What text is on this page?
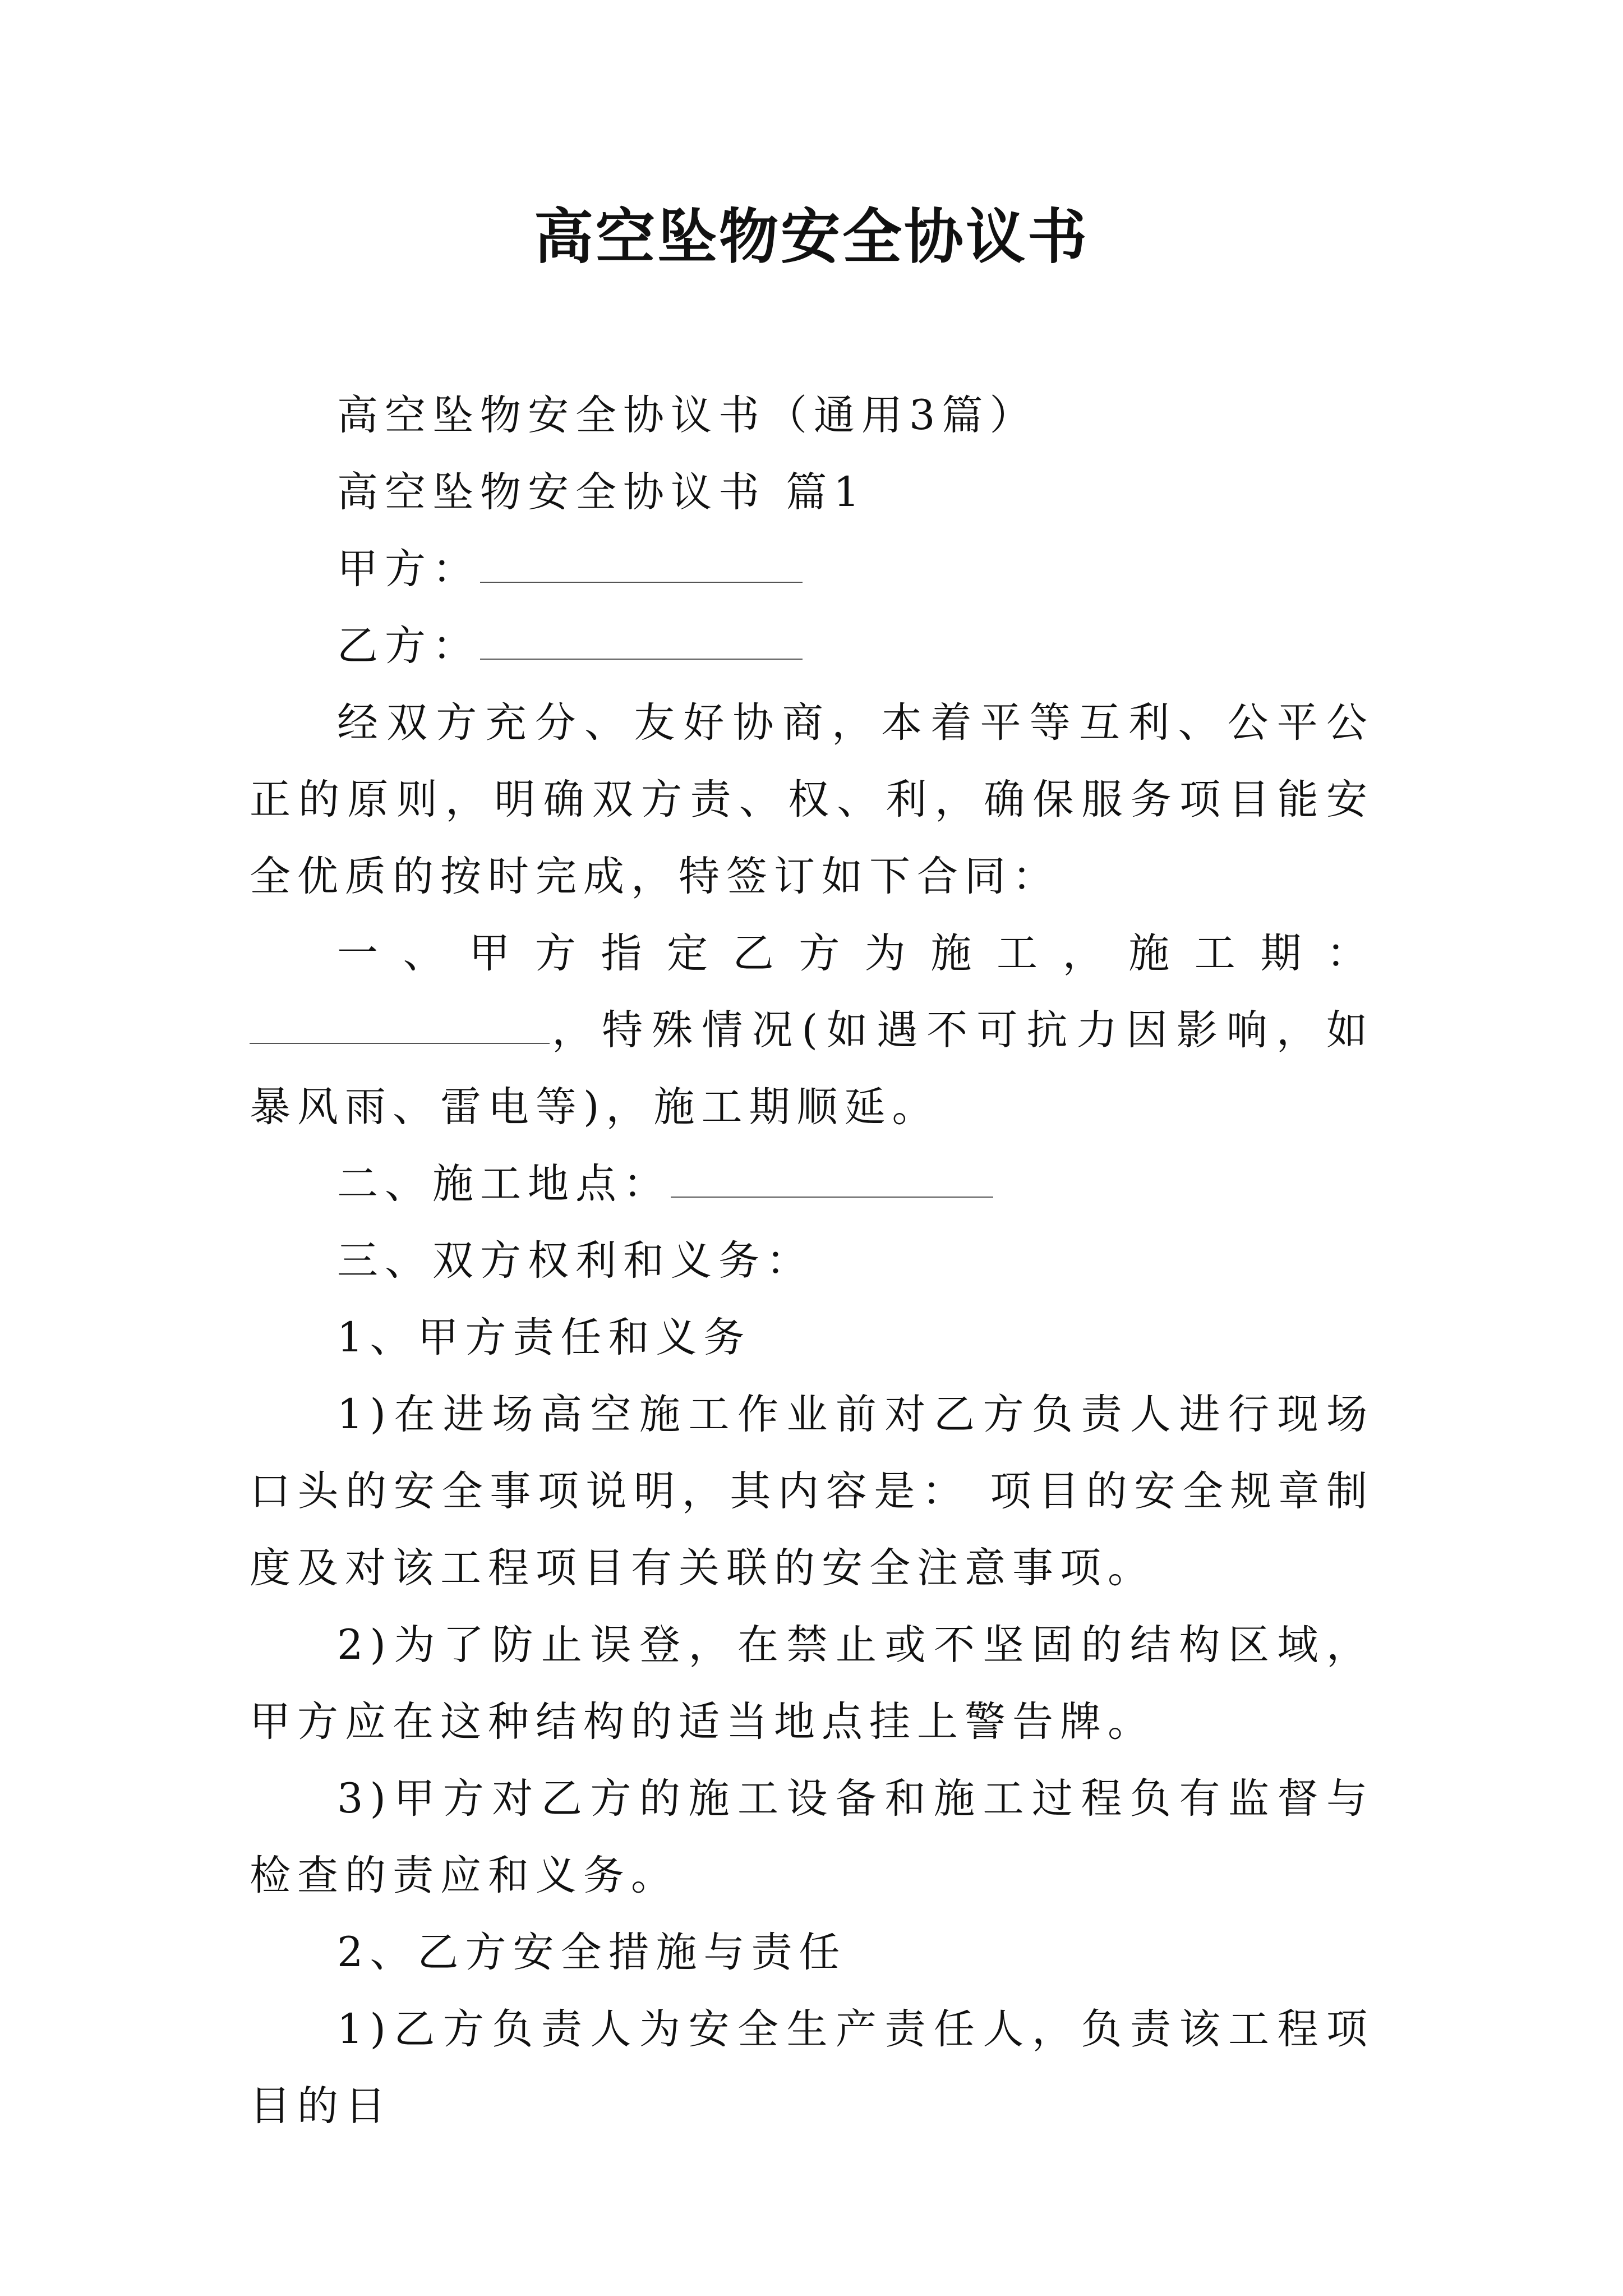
高空坠物安全协议书

高空坠物安全协议书（通用3篇）

高空坠物安全协议书 篇1

甲方：

乙方：

经双方充分、友好协商，本着平等互利、公平公正的原则，明确双方责、权、利，确保服务项目能安全优质的按时完成，特签订如下合同：

一、甲方指定乙方为施工，施工期：，特殊情况(如遇不可抗力因影响，如暴风雨、雷电等)，施工期顺延。

二、施工地点：

三、双方权利和义务：

1、甲方责任和义务

1)在进场高空施工作业前对乙方负责人进行现场口头的安全事项说明，其内容是： 项目的安全规章制度及对该工程项目有关联的安全注意事项。

2)为了防止误登，在禁止或不坚固的结构区域，甲方应在这种结构的适当地点挂上警告牌。

3)甲方对乙方的施工设备和施工过程负有监督与检查的责应和义务。

2、乙方安全措施与责任

1)乙方负责人为安全生产责任人，负责该工程项目的日
